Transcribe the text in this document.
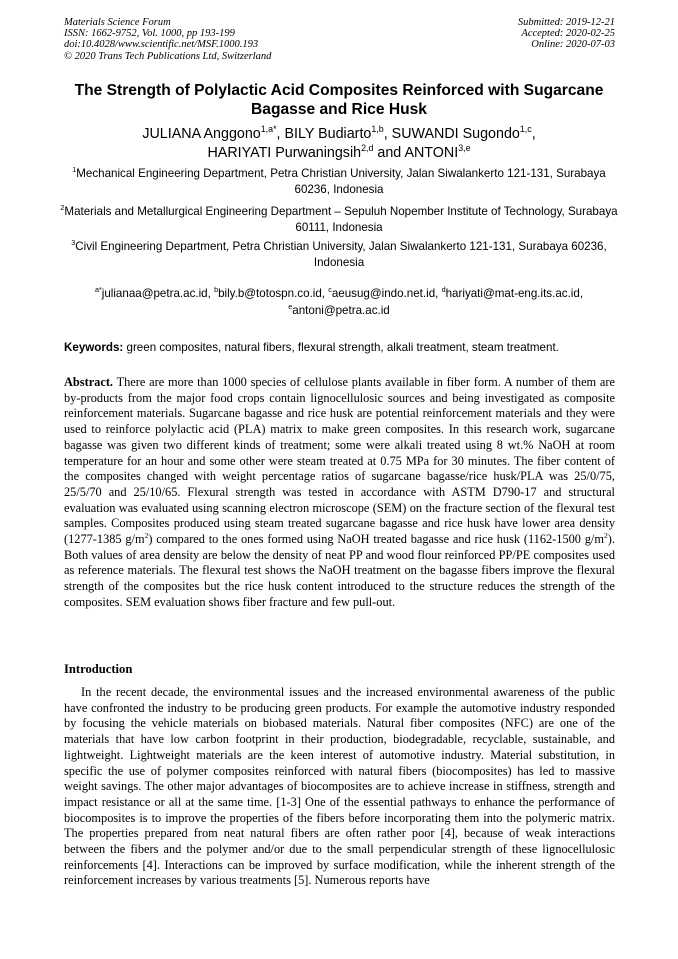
Materials Science Forum
ISSN: 1662-9752, Vol. 1000, pp 193-199
doi:10.4028/www.scientific.net/MSF.1000.193
© 2020 Trans Tech Publications Ltd, Switzerland
Submitted: 2019-12-21
Accepted: 2020-02-25
Online: 2020-07-03
The Strength of Polylactic Acid Composites Reinforced with Sugarcane Bagasse and Rice Husk
JULIANA Anggono$^{1,a*}$, BILY Budiarto$^{1,b}$, SUWANDI Sugondo$^{1,c}$,
HARIYATI Purwaningsih$^{2,d}$ and ANTONI$^{3,e}$
$^1$Mechanical Engineering Department, Petra Christian University, Jalan Siwalankerto 121-131, Surabaya 60236, Indonesia
$^2$Materials and Metallurgical Engineering Department – Sepuluh Nopember Institute of Technology, Surabaya 60111, Indonesia
$^3$Civil Engineering Department, Petra Christian University, Jalan Siwalankerto 121-131, Surabaya 60236, Indonesia
$^{a*}$julianaa@petra.ac.id, $^b$bily.b@totospn.co.id, $^c$aeusug@indo.net.id, $^d$hariyati@mat-eng.its.ac.id,
$^e$antoni@petra.ac.id
Keywords: green composites, natural fibers, flexural strength, alkali treatment, steam treatment.

Abstract. There are more than 1000 species of cellulose plants available in fiber form. A number of them are by-products from the major food crops contain lignocellulosic sources and being investigated as composite reinforcement materials. Sugarcane bagasse and rice husk are potential reinforcement materials and they were used to reinforce polylactic acid (PLA) matrix to make green composites. In this research work, sugarcane bagasse was given two different kinds of treatment; some were alkali treated using 8 wt.% NaOH at room temperature for an hour and some other were steam treated at 0.75 MPa for 30 minutes. The fiber content of the composites changed with weight percentage ratios of sugarcane bagasse/rice husk/PLA was 25/0/75, 25/5/70 and 25/10/65. Flexural strength was tested in accordance with ASTM D790-17 and structural evaluation was evaluated using scanning electron microscope (SEM) on the fracture section of the flexural test samples. Composites produced using steam treated sugarcane bagasse and rice husk have lower area density (1277-1385 $g/m^2$) compared to the ones formed using NaOH treated bagasse and rice husk (1162-1500 $g/m^2$). Both values of area density are below the density of neat PP and wood flour reinforced PP/PE composites used as reference materials. The flexural test shows the NaOH treatment on the bagasse fibers improve the flexural strength of the composites but the rice husk content introduced to the structure reduces the strength of the composites. SEM evaluation shows fiber fracture and few pull-out.

Introduction

In the recent decade, the environmental issues and the increased environmental awareness of the public have confronted the industry to be producing green products. For example the automotive industry responded by focusing the vehicle materials on biobased materials. Natural fiber composites (NFC) are one of the materials that have low carbon footprint in their production, biodegradable, recyclable, sustainable, and lightweight. Lightweight materials are the keen interest of automotive industry. Material substitution, in specific the use of polymer composites reinforced with natural fibers (biocomposites) has led to massive weight savings. The other major advantages of biocomposites are to achieve increase in stiffness, strength and impact resistance or all at the same time. [1-3] One of the essential pathways to enhance the performance of biocomposites is to improve the properties of the fibers before incorporating them into the polymeric matrix. The properties prepared from neat natural fibers are often rather poor [4], because of weak interactions between the fibers and the polymer and/or due to the small perpendicular strength of these lignocellulosic reinforcements [4]. Interactions can be improved by surface modification, while the inherent strength of the reinforcement increases by various treatments [5]. Numerous reports have
